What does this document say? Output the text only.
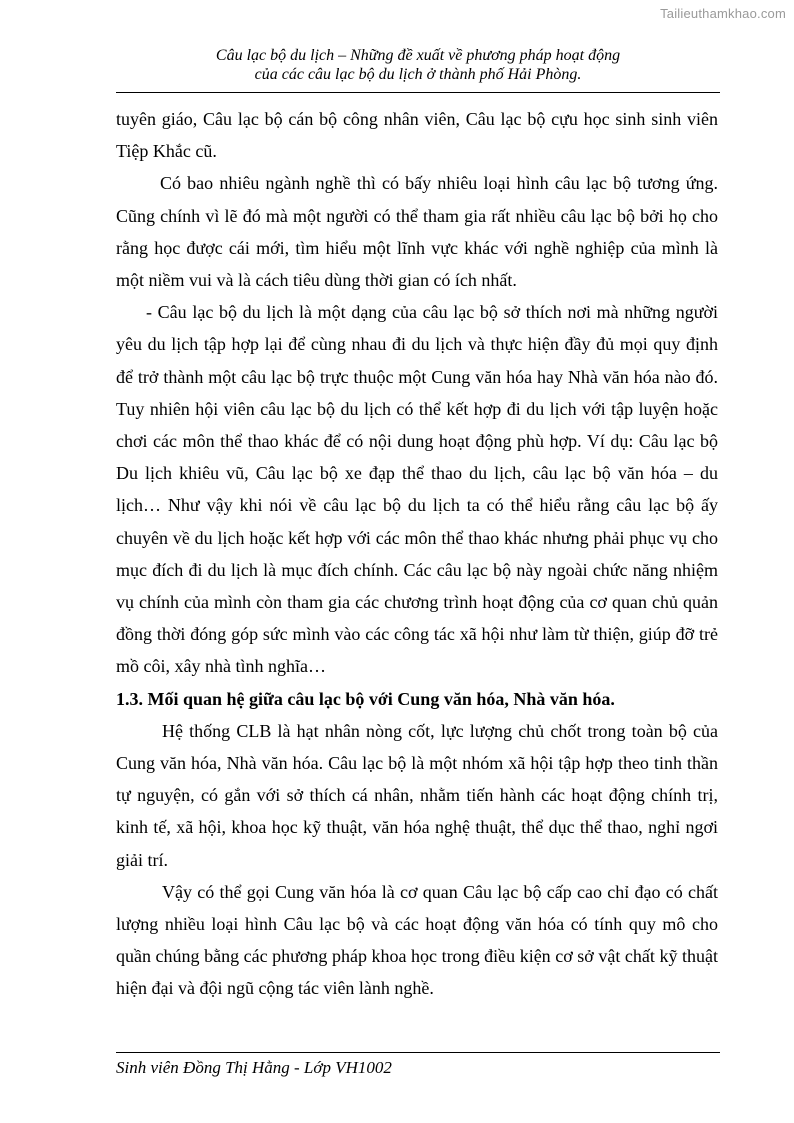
Tailieuthamkhao.com
Câu lạc bộ du lịch – Những đề xuất về phương pháp hoạt động
của các câu lạc bộ du lịch ở thành phố Hải Phòng.

tuyên giáo, Câu lạc bộ cán bộ công nhân viên, Câu lạc bộ cựu học sinh sinh viên Tiệp Khắc cũ.

Có bao nhiêu ngành nghề thì có bấy nhiêu loại hình câu lạc bộ tương ứng. Cũng chính vì lẽ đó mà một người có thể tham gia rất nhiều câu lạc bộ bởi họ cho rằng học được cái mới, tìm hiểu một lĩnh vực khác với nghề nghiệp của mình là một niềm vui và là cách tiêu dùng thời gian có ích nhất.

- Câu lạc bộ du lịch là một dạng của câu lạc bộ sở thích nơi mà những người yêu du lịch tập hợp lại để cùng nhau đi du lịch và thực hiện đầy đủ mọi quy định để trở thành một câu lạc bộ trực thuộc một Cung văn hóa hay Nhà văn hóa nào đó. Tuy nhiên hội viên câu lạc bộ du lịch có thể kết hợp đi du lịch với tập luyện hoặc chơi các môn thể thao khác để có nội dung hoạt động phù hợp. Ví dụ: Câu lạc bộ Du lịch khiêu vũ, Câu lạc bộ xe đạp thể thao du lịch, câu lạc bộ văn hóa – du lịch… Như vậy khi nói về câu lạc bộ du lịch ta có thể hiểu rằng câu lạc bộ ấy chuyên về du lịch hoặc kết hợp với các môn thể thao khác nhưng phải phục vụ cho mục đích đi du lịch là mục đích chính. Các câu lạc bộ này ngoài chức năng nhiệm vụ chính của mình còn tham gia các chương trình hoạt động của cơ quan chủ quản đồng thời đóng góp sức mình vào các công tác xã hội như làm từ thiện, giúp đỡ trẻ mồ côi, xây nhà tình nghĩa…

1.3. Mối quan hệ giữa câu lạc bộ với Cung văn hóa, Nhà văn hóa.

Hệ thống CLB là hạt nhân nòng cốt, lực lượng chủ chốt trong toàn bộ của Cung văn hóa, Nhà văn hóa. Câu lạc bộ là một nhóm xã hội tập hợp theo tinh thần tự nguyện, có gắn với sở thích cá nhân, nhằm tiến hành các hoạt động chính trị, kinh tế, xã hội, khoa học kỹ thuật, văn hóa nghệ thuật, thể dục thể thao, nghỉ ngơi giải trí.

Vậy có thể gọi Cung văn hóa là cơ quan Câu lạc bộ cấp cao chỉ đạo có chất lượng nhiều loại hình Câu lạc bộ và các hoạt động văn hóa có tính quy mô cho quần chúng bằng các phương pháp khoa học trong điều kiện cơ sở vật chất kỹ thuật hiện đại và đội ngũ cộng tác viên lành nghề.

Sinh viên Đồng Thị Hằng - Lớp VH1002
